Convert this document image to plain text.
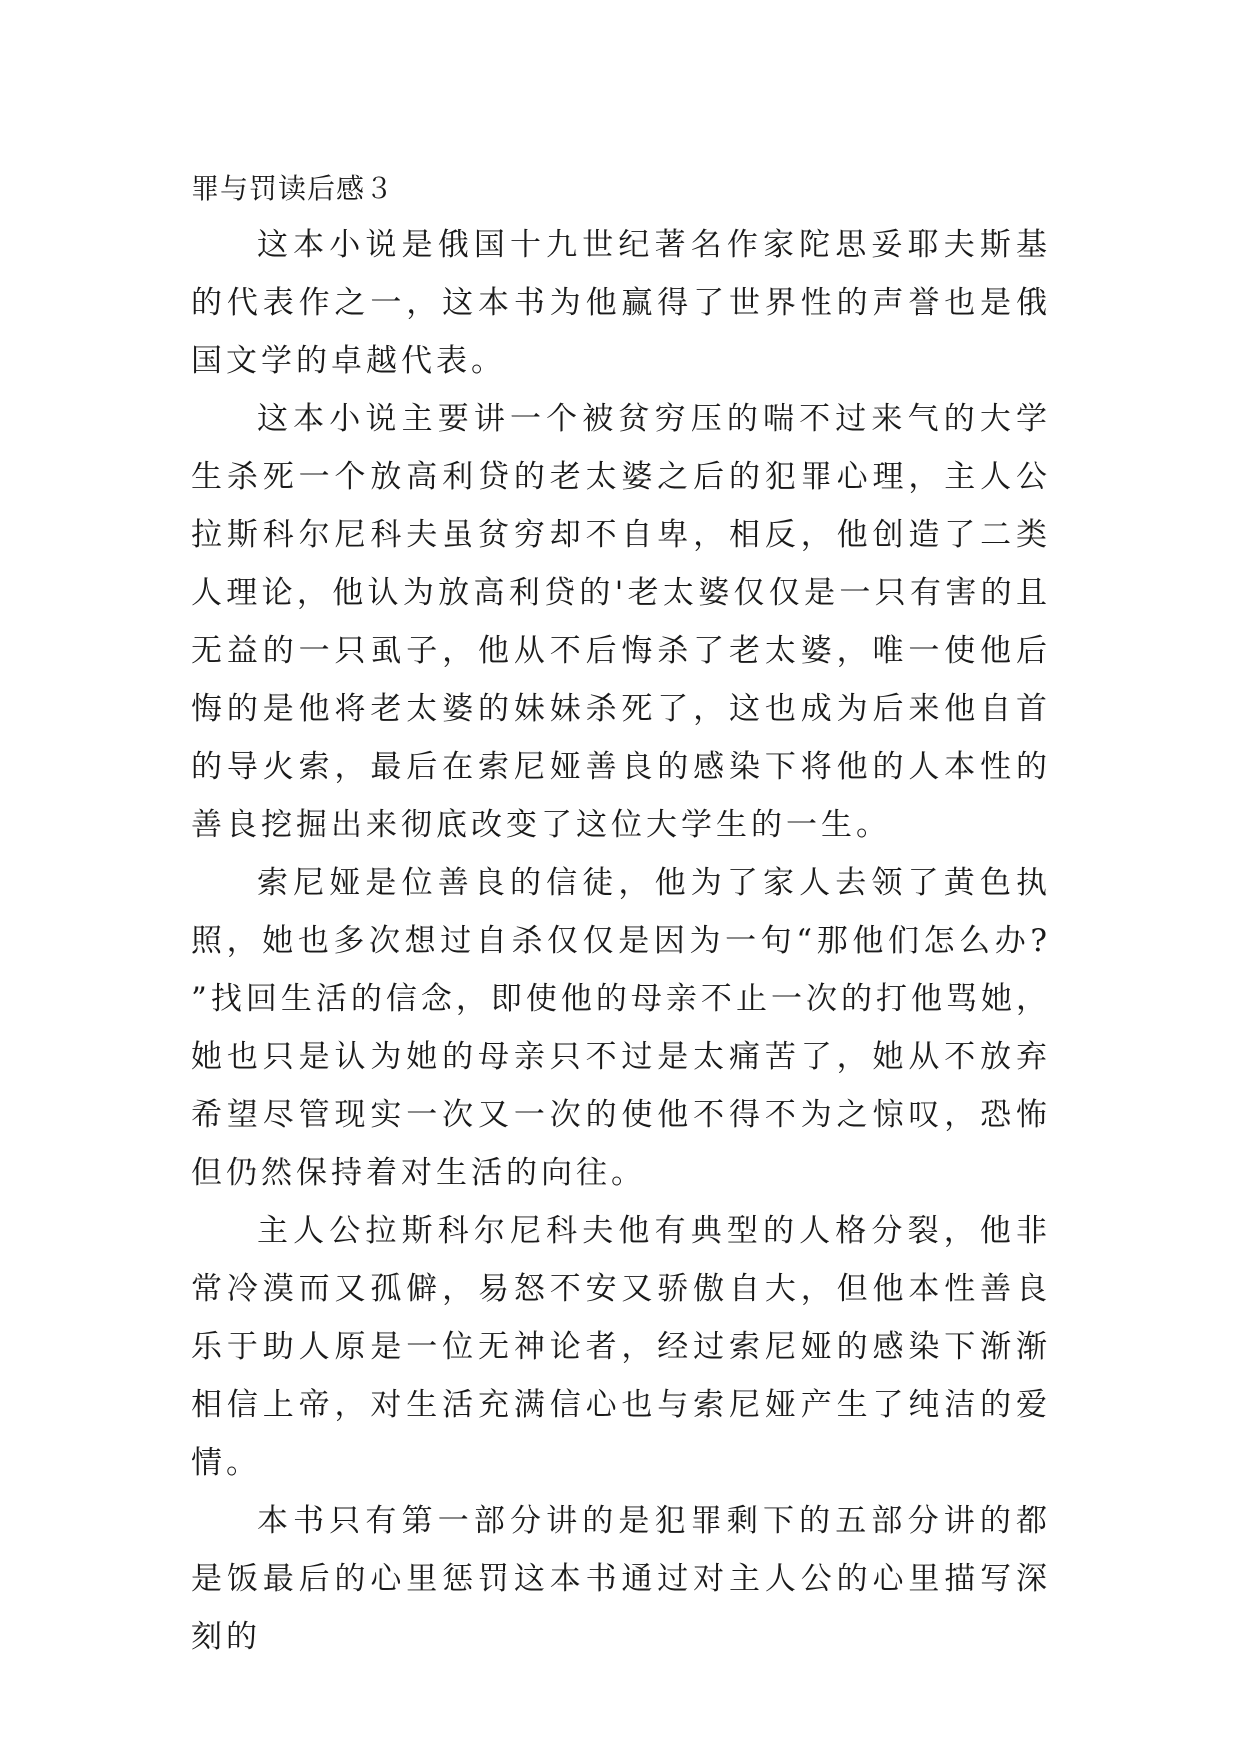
罪与罚读后感３

这本小说是俄国十九世纪著名作家陀思妥耶夫斯基的代表作之一，这本书为他赢得了世界性的声誉也是俄国文学的卓越代表。

这本小说主要讲一个被贫穷压的喘不过来气的大学生杀死一个放高利贷的老太婆之后的犯罪心理，主人公拉斯科尔尼科夫虽贫穷却不自卑，相反，他创造了二类人理论，他认为放高利贷的'老太婆仅仅是一只有害的且无益的一只虱子，他从不后悔杀了老太婆，唯一使他后悔的是他将老太婆的妹妹杀死了，这也成为后来他自首的导火索，最后在索尼娅善良的感染下将他的人本性的善良挖掘出来彻底改变了这位大学生的一生。

索尼娅是位善良的信徒，他为了家人去领了黄色执照，她也多次想过自杀仅仅是因为一句“那他们怎么办?”找回生活的信念，即使他的母亲不止一次的打他骂她，她也只是认为她的母亲只不过是太痛苦了，她从不放弃希望尽管现实一次又一次的使他不得不为之惊叹，恐怖但仍然保持着对生活的向往。

主人公拉斯科尔尼科夫他有典型的人格分裂，他非常冷漠而又孤僻，易怒不安又骄傲自大，但他本性善良乐于助人原是一位无神论者，经过索尼娅的感染下渐渐相信上帝，对生活充满信心也与索尼娅产生了纯洁的爱情。

本书只有第一部分讲的是犯罪剩下的五部分讲的都是饭最后的心里惩罚这本书通过对主人公的心里描写深刻的
